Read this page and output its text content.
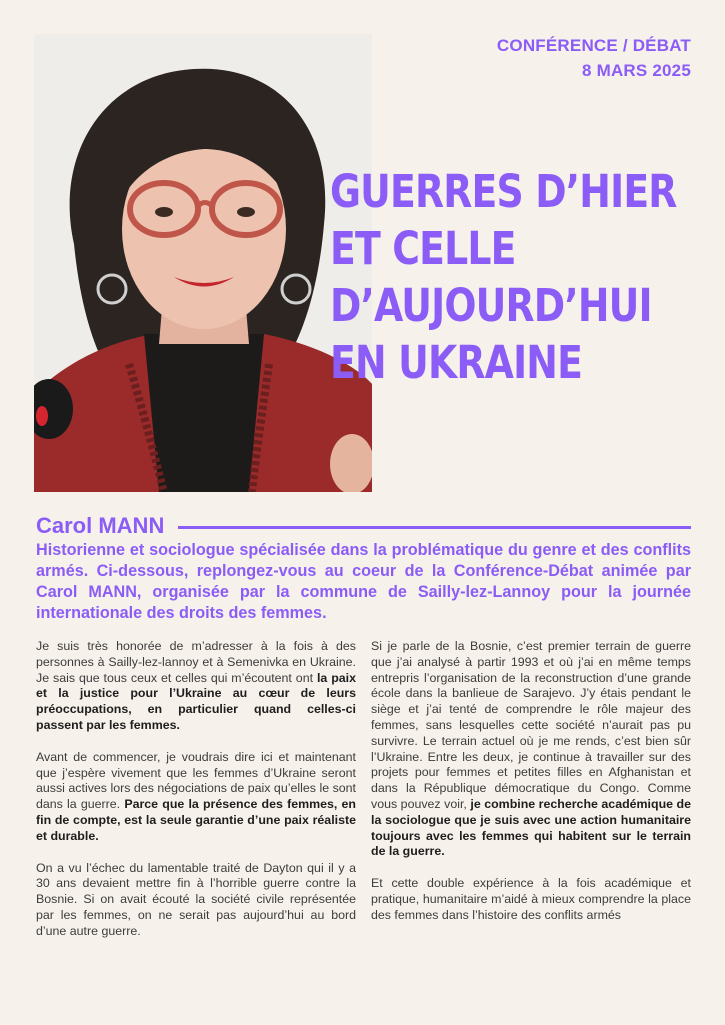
CONFÉRENCE / DÉBAT
8 MARS 2025
GUERRES D’HIER
ET CELLE
D’AUJOURD’HUI
EN UKRAINE
Carol MANN
Historienne et sociologue spécialisée dans la problématique du genre et des conflits armés. Ci-dessous, replongez-vous au coeur de la Conférence-Débat animée par Carol MANN, organisée par la commune de Sailly-lez-Lannoy pour la journée internationale des droits des femmes.

Je suis très honorée de m’adresser à la fois à des personnes à Sailly-lez-lannoy et à Semenivka en Ukraine. Je sais que tous ceux et celles qui m’écoutent ont la paix et la justice pour l’Ukraine au cœur de leurs préoccupations, en particulier quand celles-ci passent par les femmes.

Avant de commencer, je voudrais dire ici et maintenant que j’espère vivement que les femmes d’Ukraine seront aussi actives lors des négociations de paix qu’elles le sont dans la guerre. Parce que la présence des femmes, en fin de compte, est la seule garantie d’une paix réaliste et durable.

On a vu l’échec du lamentable traité de Dayton qui il y a 30 ans devaient mettre fin à l’horrible guerre contre la Bosnie. Si on avait écouté la société civile représentée par les femmes, on ne serait pas aujourd’hui au bord d’une autre guerre.

Si je parle de la Bosnie, c’est premier terrain de guerre que j’ai analysé à partir 1993 et où j’ai en même temps entrepris l’organisation de la reconstruction d’une grande école dans la banlieue de Sarajevo. J’y étais pendant le siège et j’ai tenté de comprendre le rôle majeur des femmes, sans lesquelles cette société n’aurait pas pu survivre. Le terrain actuel où je me rends, c’est bien sûr l’Ukraine. Entre les deux, je continue à travailler sur des projets pour femmes et petites filles en Afghanistan et dans la République démocratique du Congo. Comme vous pouvez voir, je combine recherche académique de la sociologue que je suis avec une action humanitaire toujours avec les femmes qui habitent sur le terrain de la guerre.

Et cette double expérience à la fois académique et pratique, humanitaire m’aidé à mieux comprendre la place des femmes dans l’histoire des conflits armés
